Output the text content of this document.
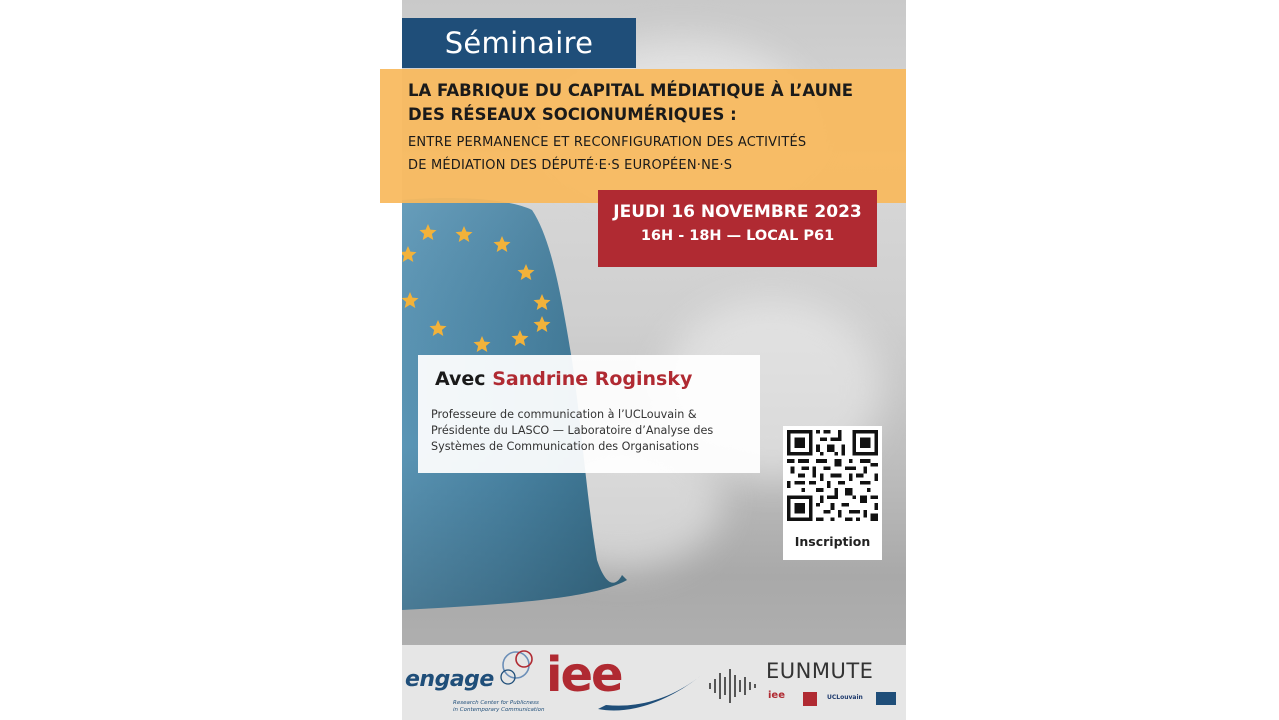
Séminaire
LA FABRIQUE DU CAPITAL MÉDIATIQUE À L’AUNE
DES RÉSEAUX SOCIONUMÉRIQUES :
ENTRE PERMANENCE ET RECONFIGURATION DES ACTIVITÉS
DE MÉDIATION DES DÉPUTÉ·E·S EUROPÉEN·NE·S
JEUDI 16 NOVEMBRE 2023
16H - 18H — LOCAL P61
Avec Sandrine Roginsky
Professeure de communication à l’UCLouvain &
Présidente du LASCO — Laboratoire d’Analyse des
Systèmes de Communication des Organisations
Inscription
engage
Research Center for Publicness
in Contemporary Communication
iee	EUNMUTE
iee	UCLouvain
